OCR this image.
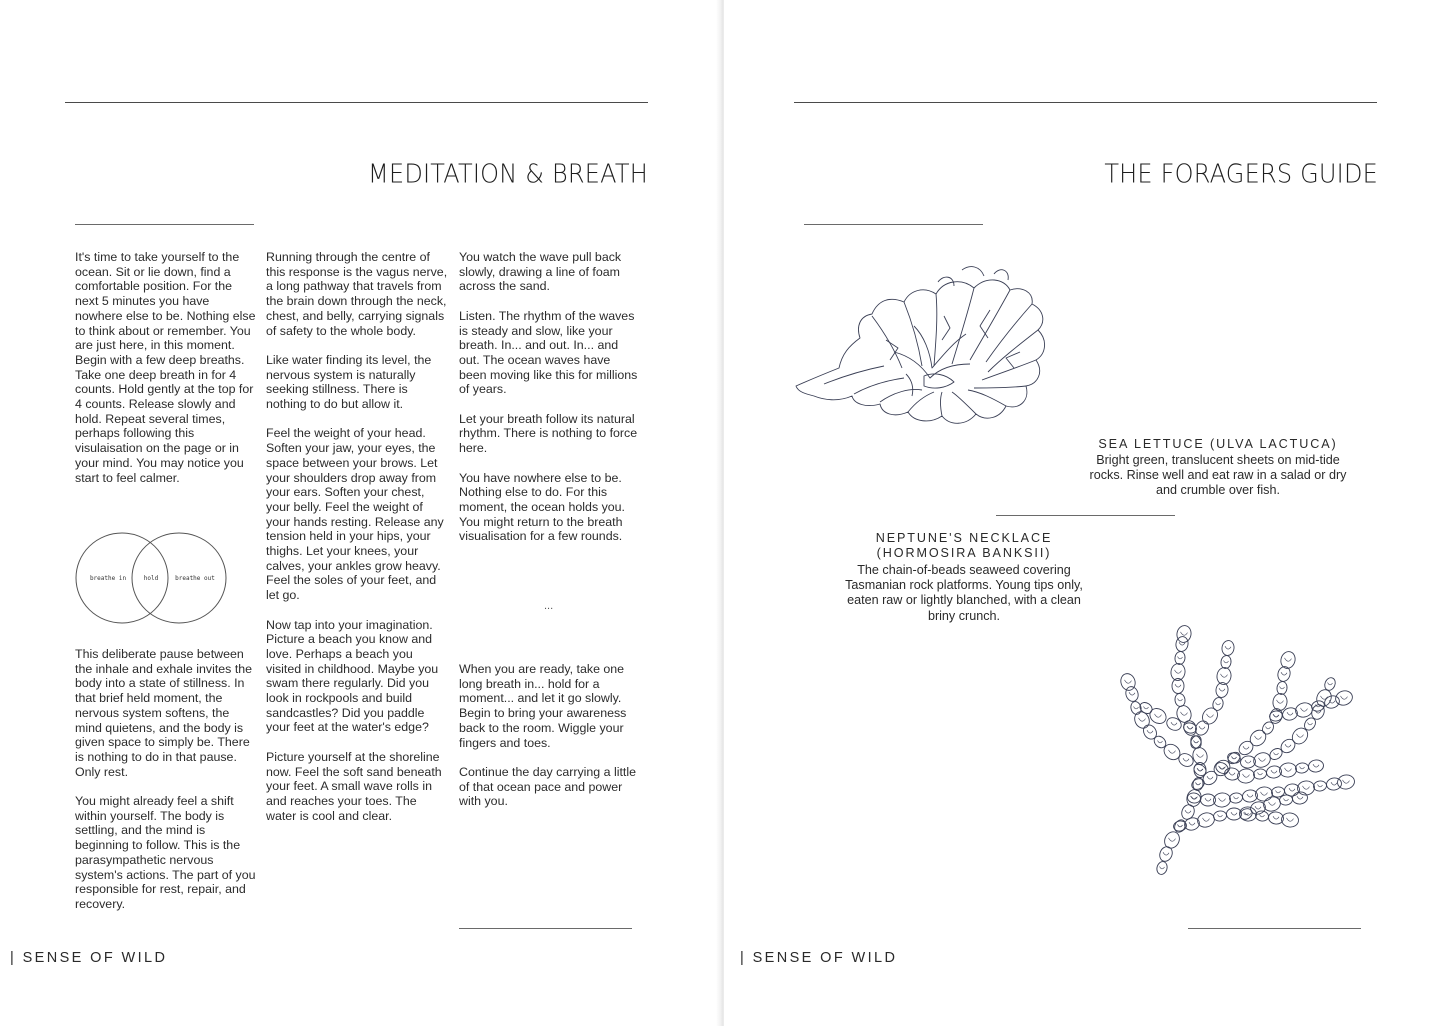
MEDITATION & BREATH

It's time to take yourself to the ocean. Sit or lie down, find a comfortable position. For the next 5 minutes you have nowhere else to be. Nothing else to think about or remember. You are just here, in this moment.

Begin with a few deep breaths. Take one deep breath in for 4 counts. Hold gently at the top for 4 counts. Release slowly and hold. Repeat several times, perhaps following this visulaisation on the page or in your mind. You may notice you start to feel calmer.

breathe in	hold	breathe out

This deliberate pause between the inhale and exhale invites the body into a state of stillness. In that brief held moment, the nervous system softens, the mind quietens, and the body is given space to simply be. There is nothing to do in that pause. Only rest.

You might already feel a shift within yourself. The body is settling, and the mind is beginning to follow. This is the parasympathetic nervous system's actions. The part of you responsible for rest, repair, and recovery.

Running through the centre of this response is the vagus nerve, a long pathway that travels from the brain down through the neck, chest, and belly, carrying signals of safety to the whole body.

Like water finding its level, the nervous system is naturally seeking stillness. There is nothing to do but allow it.

Feel the weight of your head. Soften your jaw, your eyes, the space between your brows. Let your shoulders drop away from your ears. Soften your chest, your belly. Feel the weight of your hands resting. Release any tension held in your hips, your thighs. Let your knees, your calves, your ankles grow heavy. Feel the soles of your feet, and let go.

Now tap into your imagination. Picture a beach you know and love. Perhaps a beach you visited in childhood. Maybe you swam there regularly. Did you look in rockpools and build sandcastles? Did you paddle your feet at the water's edge?

Picture yourself at the shoreline now. Feel the soft sand beneath your feet. A small wave rolls in and reaches your toes. The water is cool and clear.

You watch the wave pull back slowly, drawing a line of foam across the sand.

Listen. The rhythm of the waves is steady and slow, like your breath. In... and out. In... and out. The ocean waves have been moving like this for millions of years.

Let your breath follow its natural rhythm. There is nothing to force here.

You have nowhere else to be. Nothing else to do. For this moment, the ocean holds you.

You might return to the breath visualisation for a few rounds.

...

When you are ready, take one long breath in... hold for a moment... and let it go slowly. Begin to bring your awareness back to the room. Wiggle your fingers and toes.

Continue the day carrying a little of that ocean pace and power with you.

| SENSE OF WILD
THE FORAGERS GUIDE
SEA LETTUCE (ULVA LACTUCA)
Bright green, translucent sheets on mid-tide rocks. Rinse well and eat raw in a salad or dry and crumble over fish.
NEPTUNE'S NECKLACE
(HORMOSIRA BANKSII)
The chain-of-beads seaweed covering Tasmanian rock platforms. Young tips only, eaten raw or lightly blanched, with a clean briny crunch.
| SENSE OF WILD
